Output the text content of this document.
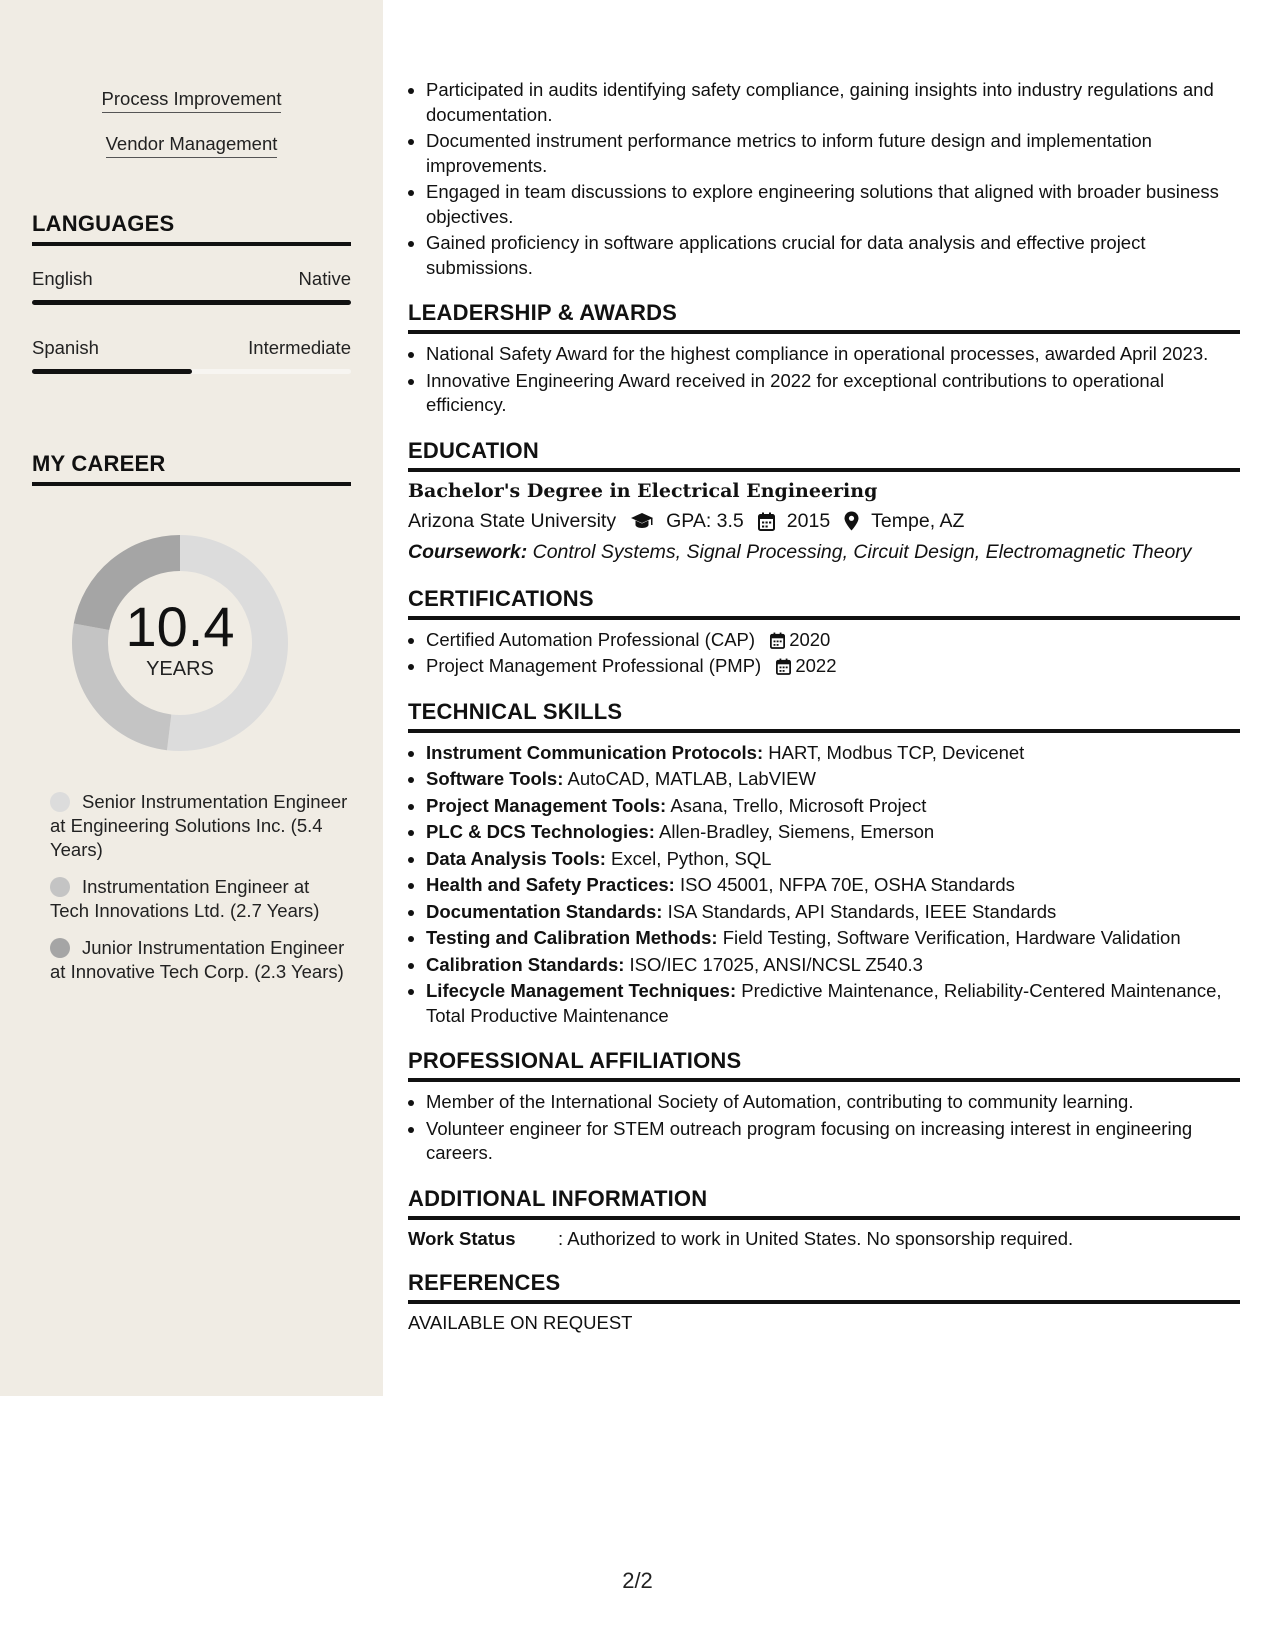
Process Improvement
Vendor Management
LANGUAGES
English	Native
Spanish	Intermediate
MY CAREER
10.4
YEARS
Senior Instrumentation Engineer at Engineering Solutions Inc. (5.4 Years)
Instrumentation Engineer at Tech Innovations Ltd. (2.7 Years)
Junior Instrumentation Engineer at Innovative Tech Corp. (2.3 Years)
• Participated in audits identifying safety compliance, gaining insights into industry regulations and documentation.
• Documented instrument performance metrics to inform future design and implementation improvements.
• Engaged in team discussions to explore engineering solutions that aligned with broader business objectives.
• Gained proficiency in software applications crucial for data analysis and effective project submissions.
LEADERSHIP & AWARDS
• National Safety Award for the highest compliance in operational processes, awarded April 2023.
• Innovative Engineering Award received in 2022 for exceptional contributions to operational efficiency.
EDUCATION
Bachelor's Degree in Electrical Engineering
Arizona State University	GPA: 3.5 2015 Tempe, AZ
Coursework: Control Systems, Signal Processing, Circuit Design, Electromagnetic Theory
CERTIFICATIONS
• Certified Automation Professional (CAP) 2020
• Project Management Professional (PMP) 2022
TECHNICAL SKILLS
• Instrument Communication Protocols: HART, Modbus TCP, Devicenet
• Software Tools: AutoCAD, MATLAB, LabVIEW
• Project Management Tools: Asana, Trello, Microsoft Project
• PLC & DCS Technologies: Allen-Bradley, Siemens, Emerson
• Data Analysis Tools: Excel, Python, SQL
• Health and Safety Practices: ISO 45001, NFPA 70E, OSHA Standards
• Documentation Standards: ISA Standards, API Standards, IEEE Standards
• Testing and Calibration Methods: Field Testing, Software Verification, Hardware Validation
• Calibration Standards: ISO/IEC 17025, ANSI/NCSL Z540.3
• Lifecycle Management Techniques: Predictive Maintenance, Reliability-Centered Maintenance, Total Productive Maintenance
PROFESSIONAL AFFILIATIONS
• Member of the International Society of Automation, contributing to community learning.
• Volunteer engineer for STEM outreach program focusing on increasing interest in engineering careers.
ADDITIONAL INFORMATION
Work Status	: Authorized to work in United States. No sponsorship required.
REFERENCES
AVAILABLE ON REQUEST
2/2
